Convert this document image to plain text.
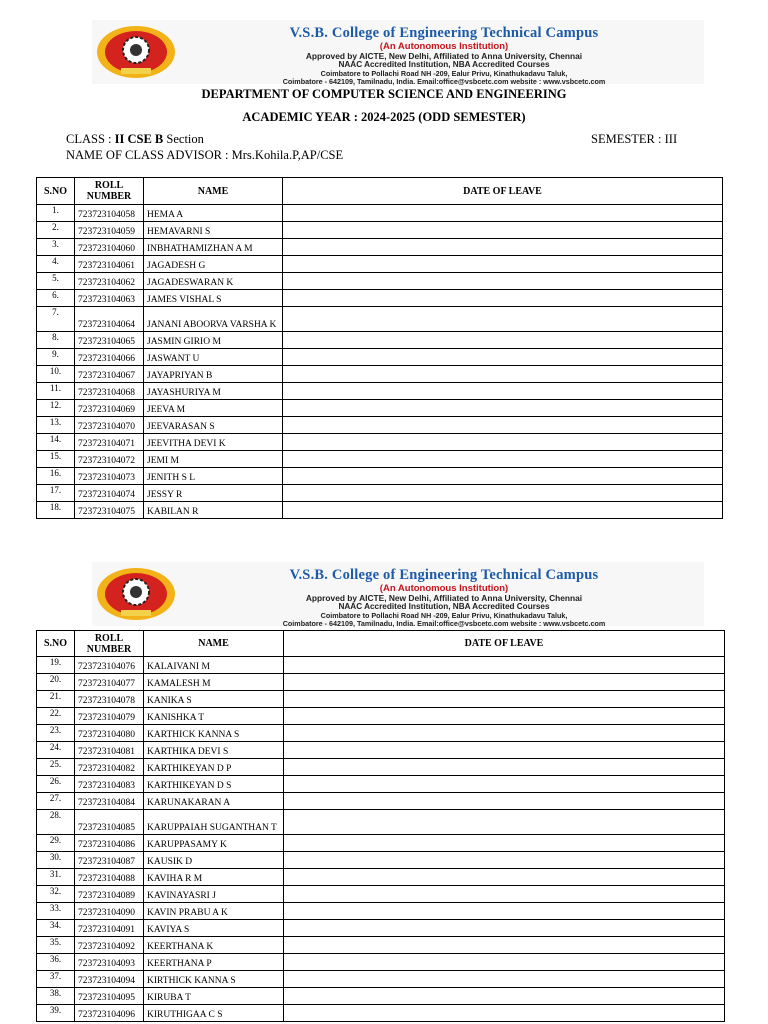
V.S.B. College of Engineering Technical Campus
(An Autonomous Institution)
Approved by AICTE, New Delhi, Affiliated to Anna University, Chennai
NAAC Accredited Institution, NBA Accredited Courses
Coimbatore to Pollachi Road NH -209, Ealur Privu, Kinathukadavu Taluk,
Coimbatore - 642109, Tamilnadu, India. Email:office@vsbcetc.com website : www.vsbcetc.com
DEPARTMENT OF COMPUTER SCIENCE AND ENGINEERING
ACADEMIC YEAR : 2024-2025 (ODD SEMESTER)
CLASS : II CSE B Section	SEMESTER : III
NAME OF CLASS ADVISOR : Mrs.Kohila.P,AP/CSE
S.NO	ROLL NUMBER	NAME	DATE OF LEAVE
1.	723723104058	HEMA A	
2.	723723104059	HEMAVARNI S	
3.	723723104060	INBHATHAMIZHAN A M	
4.	723723104061	JAGADESH G	
5.	723723104062	JAGADESWARAN K	
6.	723723104063	JAMES VISHAL S	
7.	723723104064	JANANI ABOORVA VARSHA K	
8.	723723104065	JASMIN GIRIO M	
9.	723723104066	JASWANT U	
10.	723723104067	JAYAPRIYAN B	
11.	723723104068	JAYASHURIYA M	
12.	723723104069	JEEVA M	
13.	723723104070	JEEVARASAN S	
14.	723723104071	JEEVITHA DEVI K	
15.	723723104072	JEMI M	
16.	723723104073	JENITH S L	
17.	723723104074	JESSY R	
18.	723723104075	KABILAN R	
V.S.B. College of Engineering Technical Campus
(An Autonomous Institution)
Approved by AICTE, New Delhi, Affiliated to Anna University, Chennai
NAAC Accredited Institution, NBA Accredited Courses
Coimbatore to Pollachi Road NH -209, Ealur Privu, Kinathukadavu Taluk,
Coimbatore - 642109, Tamilnadu, India. Email:office@vsbcetc.com website : www.vsbcetc.com
S.NO	ROLL NUMBER	NAME	DATE OF LEAVE
19.	723723104076	KALAIVANI M	
20.	723723104077	KAMALESH M	
21.	723723104078	KANIKA S	
22.	723723104079	KANISHKA T	
23.	723723104080	KARTHICK KANNA S	
24.	723723104081	KARTHIKA DEVI S	
25.	723723104082	KARTHIKEYAN D P	
26.	723723104083	KARTHIKEYAN D S	
27.	723723104084	KARUNAKARAN A	
28.	723723104085	KARUPPAIAH SUGANTHAN T	
29.	723723104086	KARUPPASAMY K	
30.	723723104087	KAUSIK D	
31.	723723104088	KAVIHA R M	
32.	723723104089	KAVINAYASRI J	
33.	723723104090	KAVIN PRABU A K	
34.	723723104091	KAVIYA S	
35.	723723104092	KEERTHANA K	
36.	723723104093	KEERTHANA P	
37.	723723104094	KIRTHICK KANNA S	
38.	723723104095	KIRUBA T	
39.	723723104096	KIRUTHIGAA C S	
